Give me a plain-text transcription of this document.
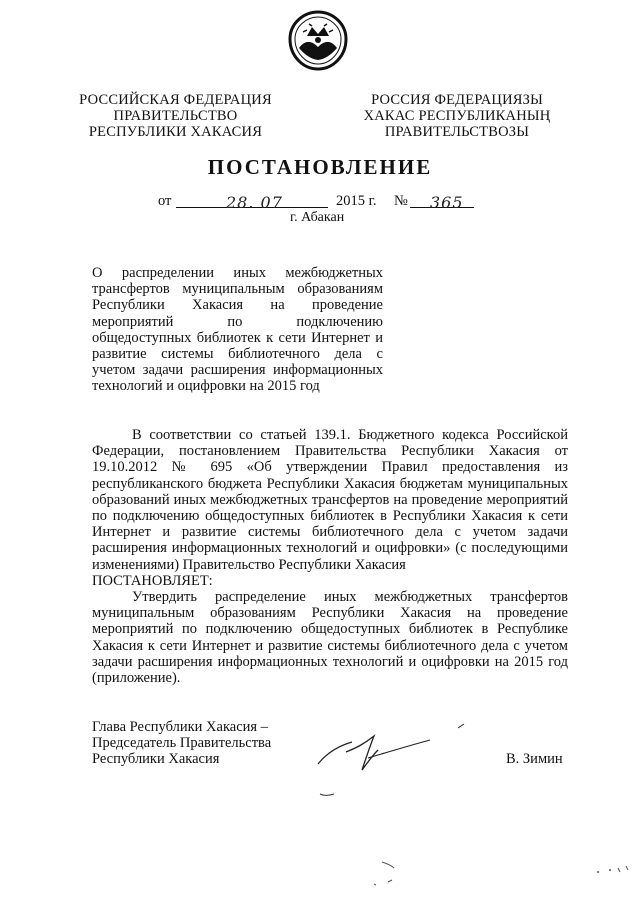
РОССИЙСКАЯ ФЕДЕРАЦИЯ
ПРАВИТЕЛЬСТВО
РЕСПУБЛИКИ ХАКАСИЯ
РОССИЯ ФЕДЕРАЦИЯЗЫ
ХАКАС РЕСПУБЛИКАНЫҢ
ПРАВИТЕЛЬСТВОЗЫ
ПОСТАНОВЛЕНИЕ
от	28. 07	2015 г. № 365
г. Абакан
О распределении иных межбюджетных трансфертов муниципальным образованиям Республики Хакасия на проведение мероприятий по подключению общедоступных библиотек к сети Интернет и развитие системы библиотечного дела с учетом задачи расширения информационных технологий и оцифровки на 2015 год

В соответствии со статьей 139.1. Бюджетного кодекса Российской Федерации, постановлением Правительства Республики Хакасия от 19.10.2012 № 695 «Об утверждении Правил предоставления из республиканского бюджета Республики Хакасия бюджетам муниципальных образований иных межбюджетных трансфертов на проведение мероприятий по подключению общедоступных библиотек в Республики Хакасия к сети Интернет и развитие системы библиотечного дела с учетом задачи расширения информационных технологий и оцифровки» (с последующими изменениями) Правительство Республики Хакасия

ПОСТАНОВЛЯЕТ:

Утвердить распределение иных межбюджетных трансфертов муниципальным образованиям Республики Хакасия на проведение мероприятий по подключению общедоступных библиотек в Республике Хакасия к сети Интернет и развитие системы библиотечного дела с учетом задачи расширения информационных технологий и оцифровки на 2015 год (приложение).

Глава Республики Хакасия –
Председатель Правительства
Республики Хакасия	В. Зимин
